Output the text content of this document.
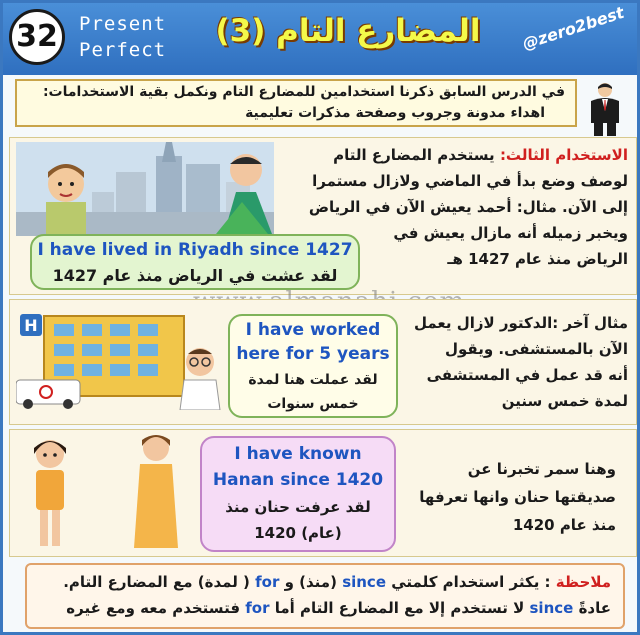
32	Present
Perfect
المضارع التام (3)	@zero2best
في الدرس السابق ذكرنا استخدامين للمضارع التام ونكمل بقية الاستخدامات:
اهداء مدونة وجروب وصفحة مذكرات تعليمية
I have lived in Riyadh since 1427
لقد عشت في الرياض منذ عام 1427
الاستخدام الثالث: يستخدم المضارع التام
لوصف وضع بدأ في الماضي ولازال مستمرا
إلى الآن. مثال: أحمد يعيش الآن في الرياض
ويخبر زميله أنه مازال يعيش في
الرياض منذ عام 1427 هـ
H	I have worked
here for 5 years
لقد عملت هنا لمدة
خمس سنوات
مثال آخر :الدكتور لازال يعمل
الآن بالمستشفى. ويقول
أنه قد عمل في المستشفى
لمدة خمس سنين
I have known
Hanan since 1420
لقد عرفت حنان منذ
(عام) 1420
وهنا سمر تخبرنا عن
صديقتها حنان وانها تعرفها
منذ عام 1420
ملاحظة : يكثر استخدام كلمتي since (منذ) و for ( لمدة) مع المضارع التام.
عادةً since لا تستخدم إلا مع المضارع التام أما for فتستخدم معه ومع غيره
